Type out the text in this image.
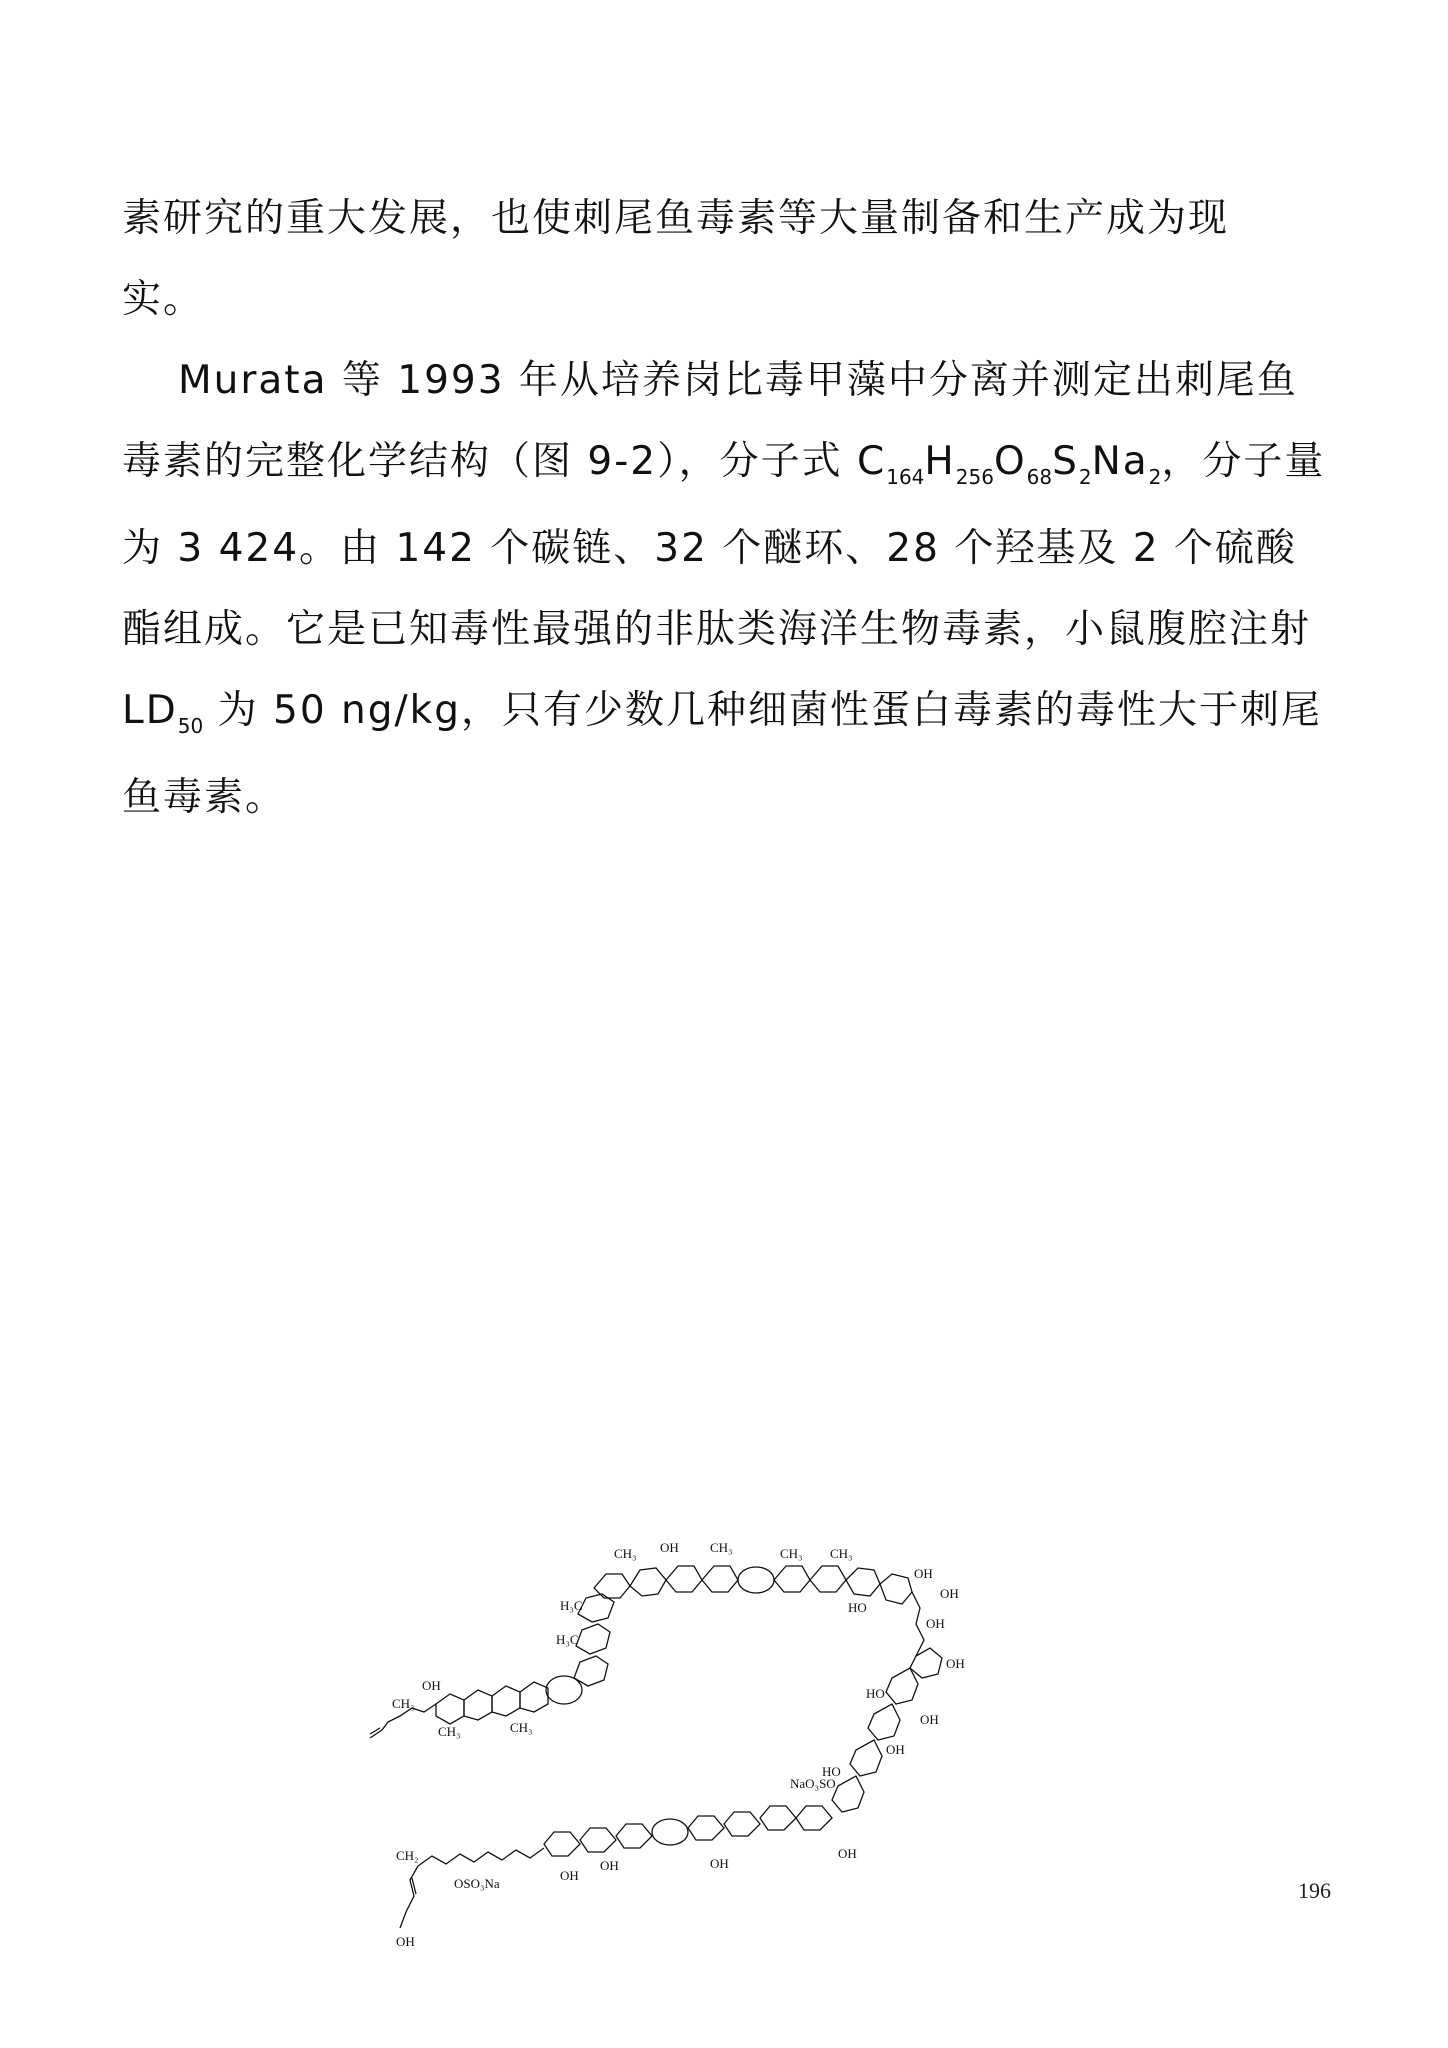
素研究的重大发展，也使刺尾鱼毒素等大量制备和生产成为现
实。

Murata 等 1993 年从培养岗比毒甲藻中分离并测定出刺尾鱼毒素的完整化学结构（图 9-2），分子式 $C_{164}H_{256}O_{68}S_2Na_2$，分子量为 3 424。由 142 个碳链、32 个醚环、28 个羟基及 2 个硫酸酯组成。它是已知毒性最强的非肽类海洋生物毒素，小鼠腹腔注射 $LD_{50}$ 为 50 ng/kg，只有少数几种细菌性蛋白毒素的毒性大于刺尾鱼毒素。

CH₃
CH₃	CH₃
OH
H₃C
H₃C
CH₃ OH CH₃	CH₃ CH₃
HO
OH
OH
OH
OH
HO
OH
OH
NaO₃SO
HO
OH
OH
OH
OH
OSO₃Na
CH₂
OH
196
